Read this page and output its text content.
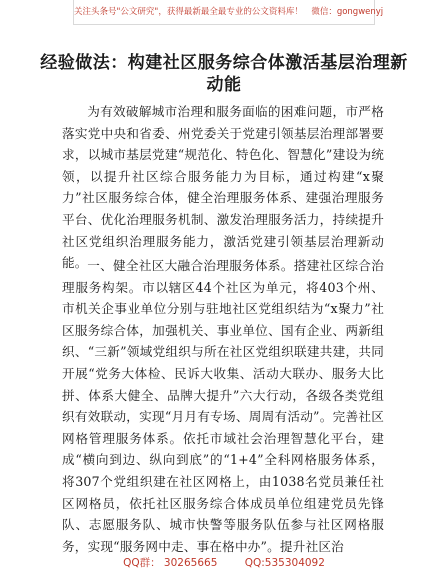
关注头条号"公文研究"，获得最新最全最专业的公文资料库！　微信：gongwenyj
经验做法：构建社区服务综合体激活基层治理新动能
为有效破解城市治理和服务面临的困难问题，市严格落实党中央和省委、州党委关于党建引领基层治理部署要求，以城市基层党建“规范化、特色化、智慧化”建设为统领，以提升社区综合服务能力为目标，通过构建“x聚力”社区服务综合体，健全治理服务体系、建强治理服务平台、优化治理服务机制、激发治理服务活力，持续提升社区党组织治理服务能力，激活党建引领基层治理新动能。 一、健全社区大融合治理服务体系。搭建社区综合治理服务构架。市以辖区44个社区为单元，将403个州、市机关企事业单位分别与驻地社区党组织结为“x聚力”社区服务综合体，加强机关、事业单位、国有企业、两新组织、“三新”领域党组织与所在社区党组织联建共建，共同开展“党务大体检、民诉大收集、活动大联办、服务大比拼、体系大健全、品牌大提升”六大行动，各级各类党组织有效联动，实现“月月有专场、周周有活动”。完善社区网格管理服务体系。依托市域社会治理智慧化平台，建成“横向到边、纵向到底”的“1+4”全科网格服务体系，将307个党组织建在社区网格上，由1038名党员兼任社区网格员，依托社区服务综合体成员单位组建党员先锋队、志愿服务队、城市快警等服务队伍参与社区网格服务，实现“服务网中走、事在格中办”。提升社区治
QQ群： 30265665	QQ:535304092
